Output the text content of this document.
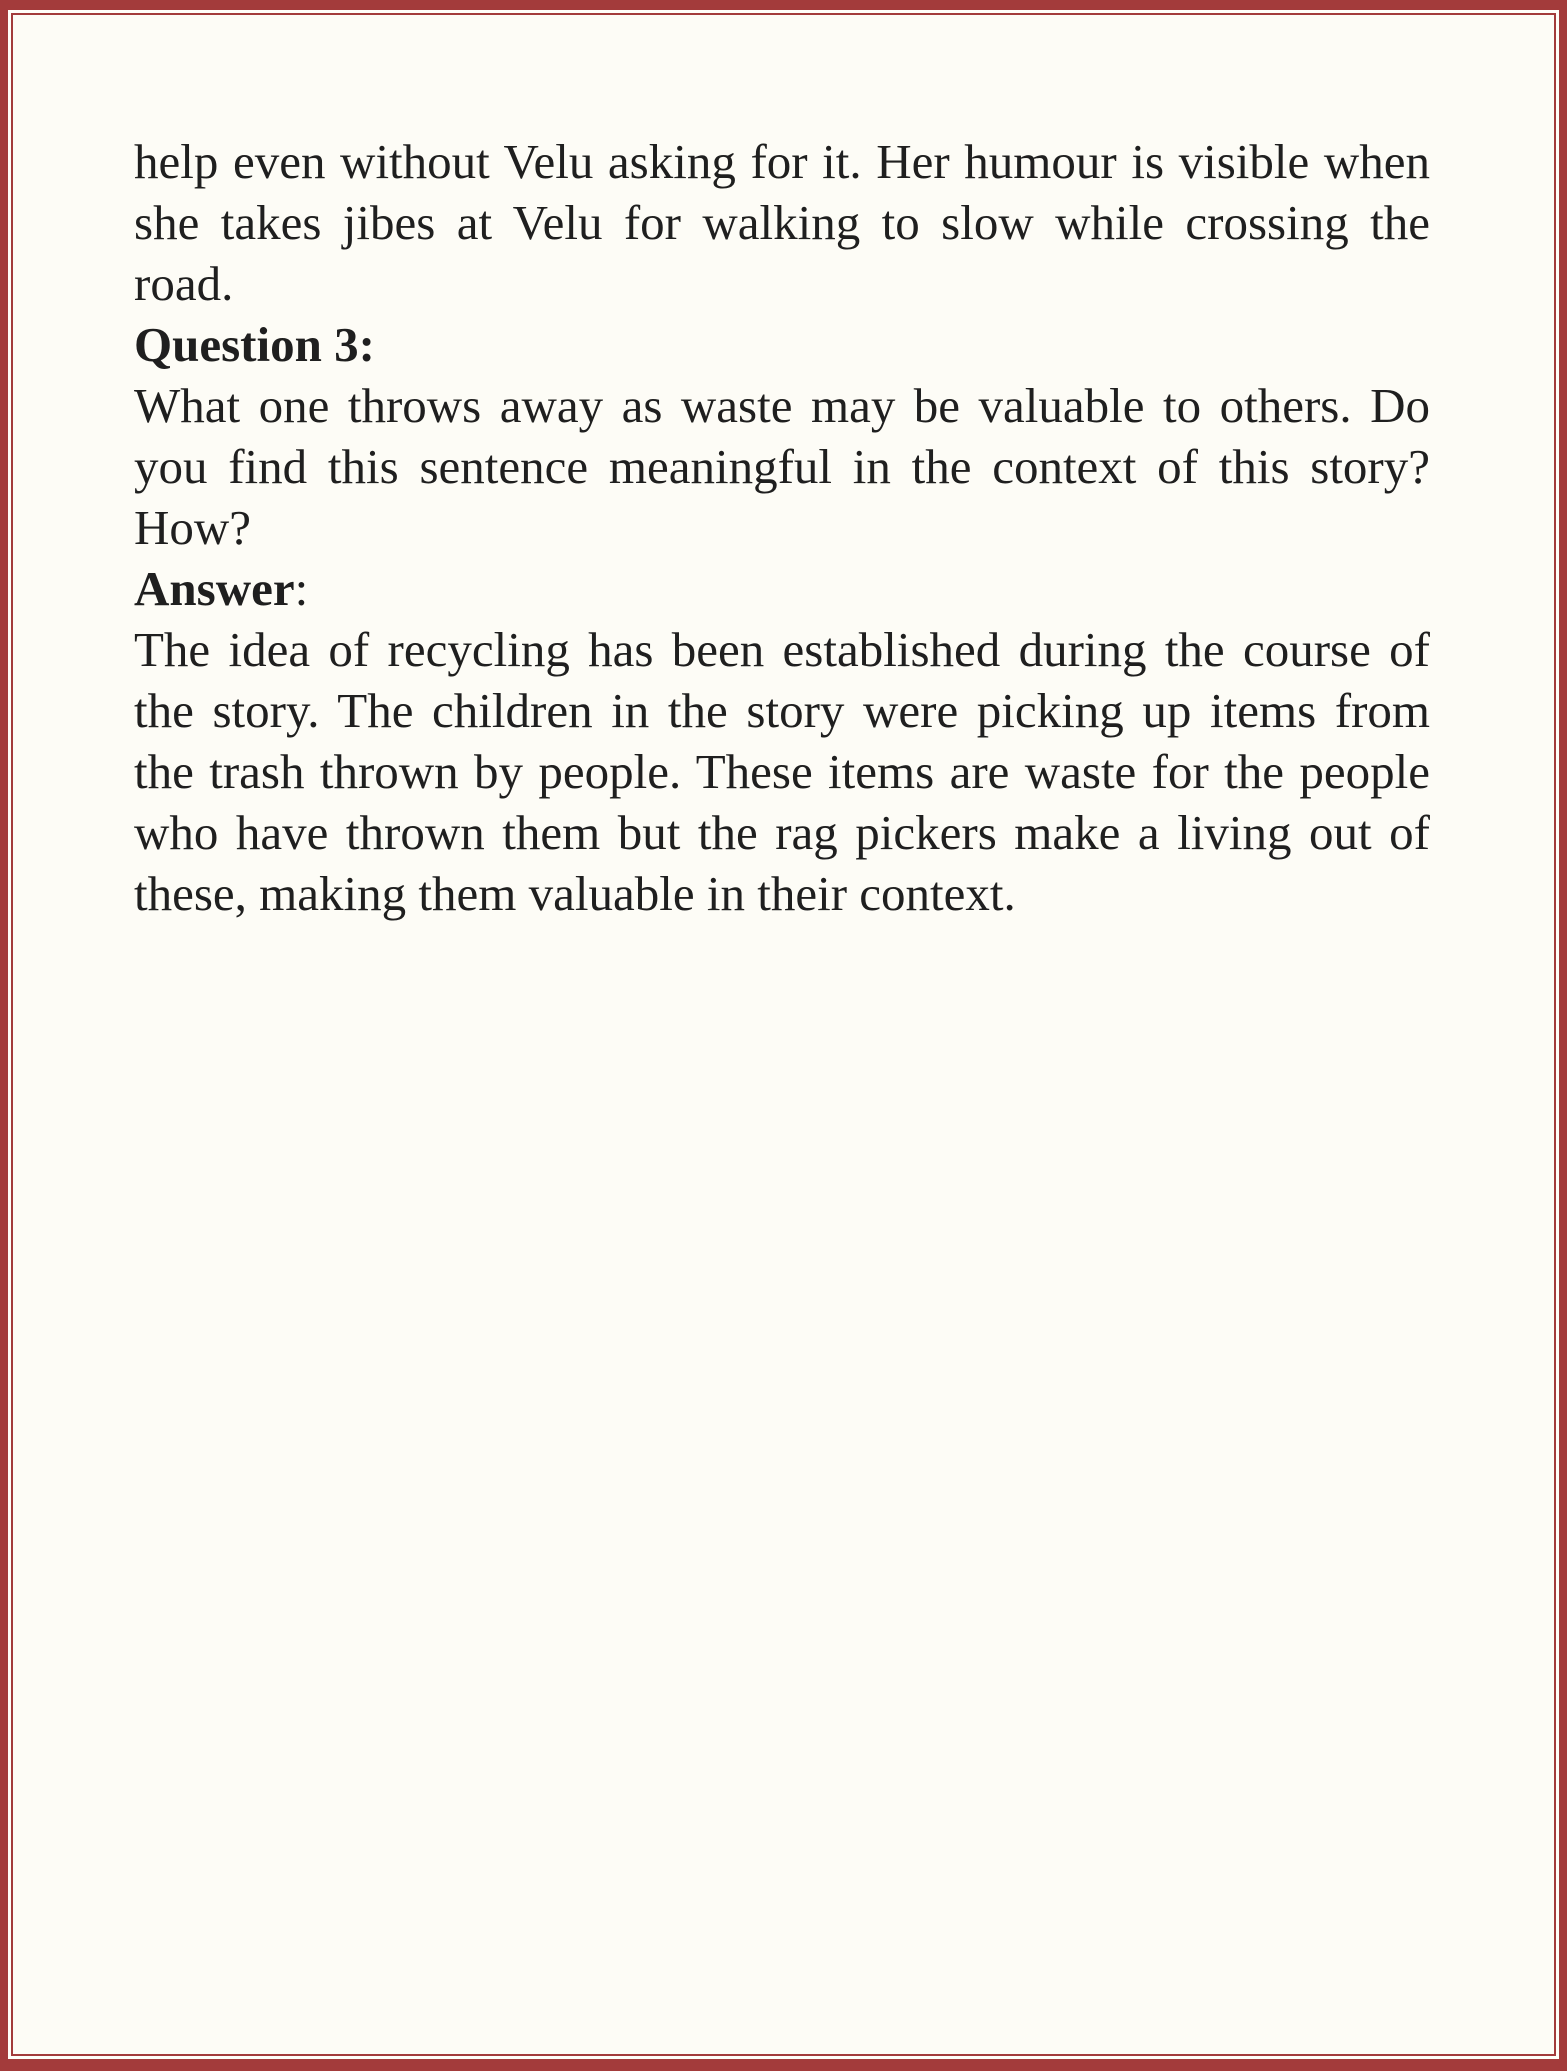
help even without Velu asking for it. Her humour is visible when she takes jibes at Velu for walking to slow while crossing the road.

Question 3:

What one throws away as waste may be valuable to others. Do you find this sentence meaningful in the context of this story? How?

Answer:

The idea of recycling has been established during the course of the story. The children in the story were picking up items from the trash thrown by people. These items are waste for the people who have thrown them but the rag pickers make a living out of these, making them valuable in their context.
